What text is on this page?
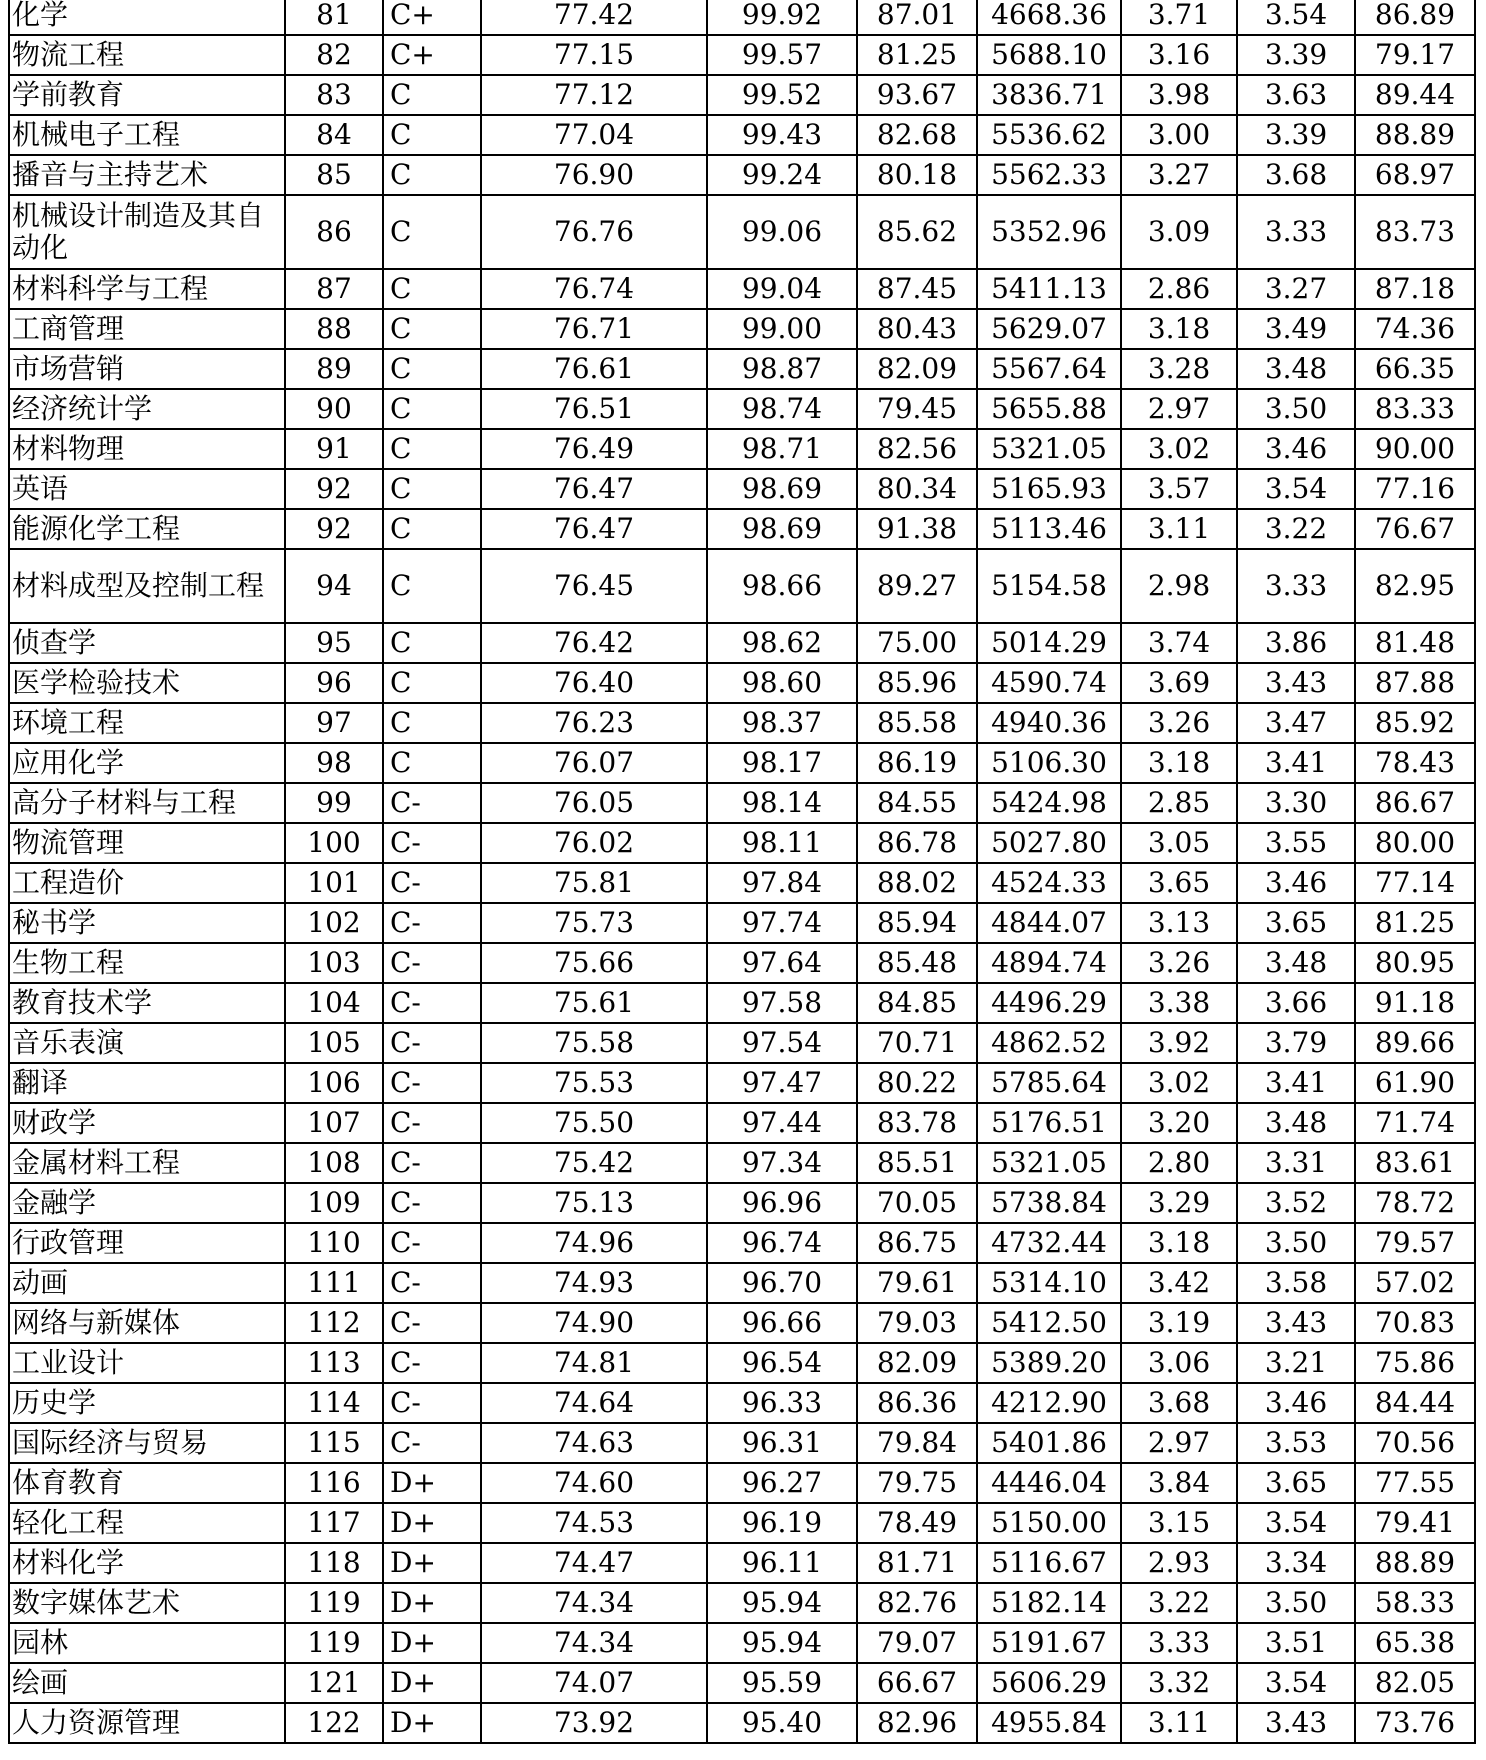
化学	81	C+	77.42	99.92	87.01	4668.36	3.71	3.54	86.89
物流工程	82	C+	77.15	99.57	81.25	5688.10	3.16	3.39	79.17
学前教育	83	C	77.12	99.52	93.67	3836.71	3.98	3.63	89.44
机械电子工程	84	C	77.04	99.43	82.68	5536.62	3.00	3.39	88.89
播音与主持艺术	85	C	76.90	99.24	80.18	5562.33	3.27	3.68	68.97
机械设计制造及其自动化	86	C	76.76	99.06	85.62	5352.96	3.09	3.33	83.73
材料科学与工程	87	C	76.74	99.04	87.45	5411.13	2.86	3.27	87.18
工商管理	88	C	76.71	99.00	80.43	5629.07	3.18	3.49	74.36
市场营销	89	C	76.61	98.87	82.09	5567.64	3.28	3.48	66.35
经济统计学	90	C	76.51	98.74	79.45	5655.88	2.97	3.50	83.33
材料物理	91	C	76.49	98.71	82.56	5321.05	3.02	3.46	90.00
英语	92	C	76.47	98.69	80.34	5165.93	3.57	3.54	77.16
能源化学工程	92	C	76.47	98.69	91.38	5113.46	3.11	3.22	76.67
材料成型及控制工程	94	C	76.45	98.66	89.27	5154.58	2.98	3.33	82.95
侦查学	95	C	76.42	98.62	75.00	5014.29	3.74	3.86	81.48
医学检验技术	96	C	76.40	98.60	85.96	4590.74	3.69	3.43	87.88
环境工程	97	C	76.23	98.37	85.58	4940.36	3.26	3.47	85.92
应用化学	98	C	76.07	98.17	86.19	5106.30	3.18	3.41	78.43
高分子材料与工程	99	C-	76.05	98.14	84.55	5424.98	2.85	3.30	86.67
物流管理	100	C-	76.02	98.11	86.78	5027.80	3.05	3.55	80.00
工程造价	101	C-	75.81	97.84	88.02	4524.33	3.65	3.46	77.14
秘书学	102	C-	75.73	97.74	85.94	4844.07	3.13	3.65	81.25
生物工程	103	C-	75.66	97.64	85.48	4894.74	3.26	3.48	80.95
教育技术学	104	C-	75.61	97.58	84.85	4496.29	3.38	3.66	91.18
音乐表演	105	C-	75.58	97.54	70.71	4862.52	3.92	3.79	89.66
翻译	106	C-	75.53	97.47	80.22	5785.64	3.02	3.41	61.90
财政学	107	C-	75.50	97.44	83.78	5176.51	3.20	3.48	71.74
金属材料工程	108	C-	75.42	97.34	85.51	5321.05	2.80	3.31	83.61
金融学	109	C-	75.13	96.96	70.05	5738.84	3.29	3.52	78.72
行政管理	110	C-	74.96	96.74	86.75	4732.44	3.18	3.50	79.57
动画	111	C-	74.93	96.70	79.61	5314.10	3.42	3.58	57.02
网络与新媒体	112	C-	74.90	96.66	79.03	5412.50	3.19	3.43	70.83
工业设计	113	C-	74.81	96.54	82.09	5389.20	3.06	3.21	75.86
历史学	114	C-	74.64	96.33	86.36	4212.90	3.68	3.46	84.44
国际经济与贸易	115	C-	74.63	96.31	79.84	5401.86	2.97	3.53	70.56
体育教育	116	D+	74.60	96.27	79.75	4446.04	3.84	3.65	77.55
轻化工程	117	D+	74.53	96.19	78.49	5150.00	3.15	3.54	79.41
材料化学	118	D+	74.47	96.11	81.71	5116.67	2.93	3.34	88.89
数字媒体艺术	119	D+	74.34	95.94	82.76	5182.14	3.22	3.50	58.33
园林	119	D+	74.34	95.94	79.07	5191.67	3.33	3.51	65.38
绘画	121	D+	74.07	95.59	66.67	5606.29	3.32	3.54	82.05
人力资源管理	122	D+	73.92	95.40	82.96	4955.84	3.11	3.43	73.76
